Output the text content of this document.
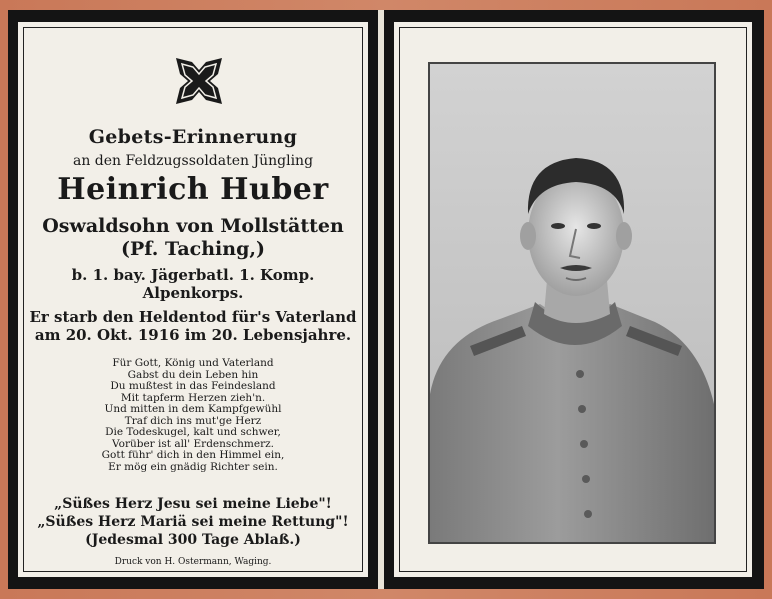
Gebets-Erinnerung
an den Feldzugssoldaten Jüngling
Heinrich Huber
Oswaldsohn von Mollstätten
(Pf. Taching,)
b. 1. bay. Jägerbatl. 1. Komp.
Alpenkorps.
Er starb den Heldentod für's Vaterland
am 20. Okt. 1916 im 20. Lebensjahre.
Für Gott, König und Vaterland
Gabst du dein Leben hin
Du mußtest in das Feindesland
Mit tapferm Herzen zieh'n.
Und mitten in dem Kampfgewühl
Traf dich ins mut'ge Herz
Die Todeskugel, kalt und schwer,
Vorüber ist all' Erdenschmerz.
Gott führ' dich in den Himmel ein,
Er mög ein gnädig Richter sein.
„Süßes Herz Jesu sei meine Liebe"!
„Süßes Herz Mariä sei meine Rettung"!
(Jedesmal 300 Tage Ablaß.)
Druck von H. Ostermann, Waging.
